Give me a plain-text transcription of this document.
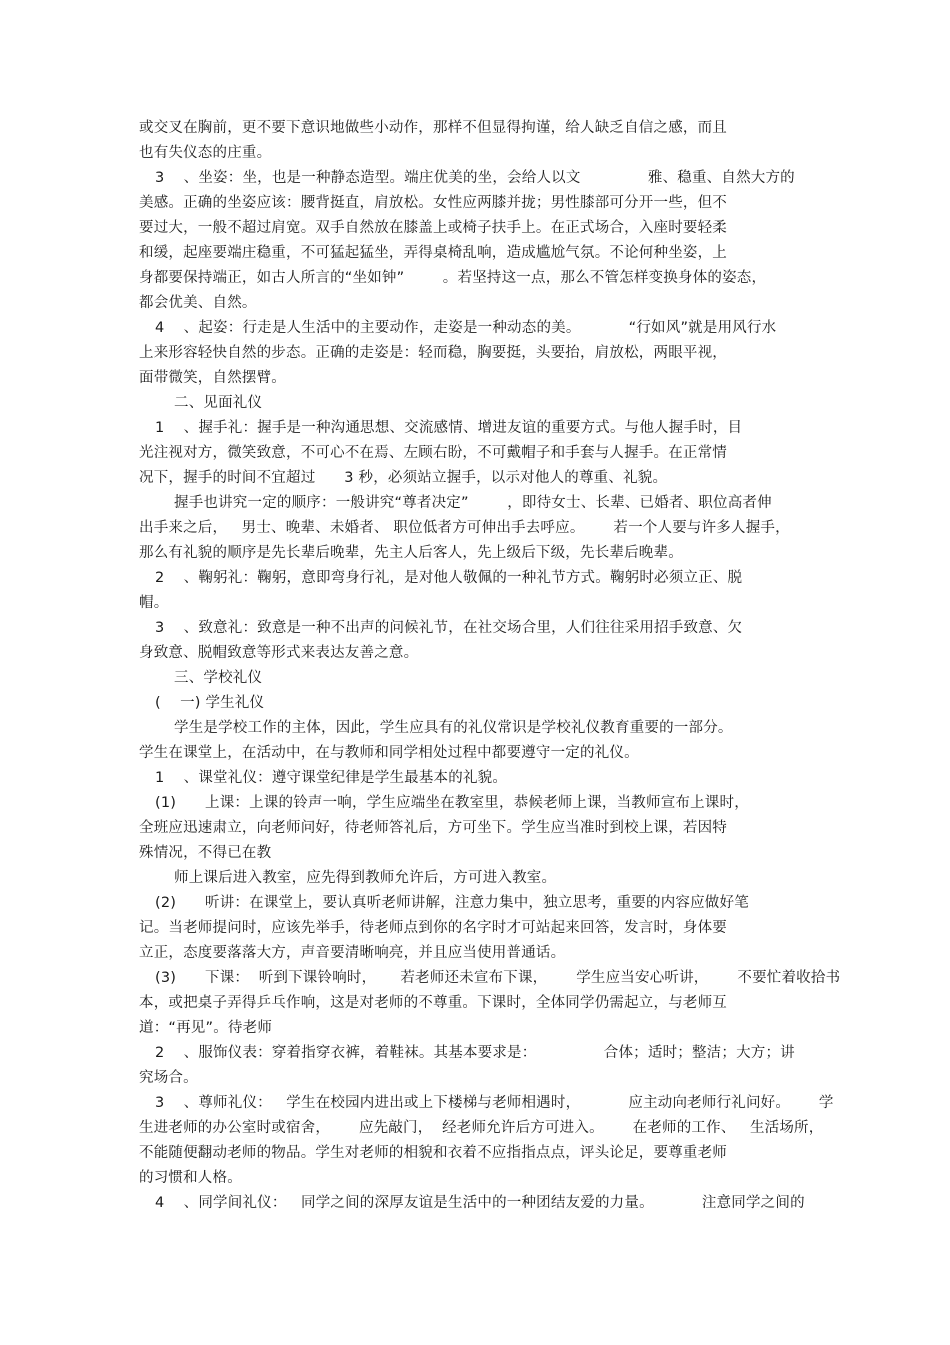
或交叉在胸前，更不要下意识地做些小动作，那样不但显得拘谨，给人缺乏自信之感，而且
也有失仪态的庄重。
3    、坐姿：坐，也是一种静态造型。端庄优美的坐，会给人以文              雅、稳重、自然大方的
美感。正确的坐姿应该：腰背挺直，肩放松。女性应两膝并拢；男性膝部可分开一些，但不
要过大，一般不超过肩宽。双手自然放在膝盖上或椅子扶手上。在正式场合，入座时要轻柔
和缓，起座要端庄稳重，不可猛起猛坐，弄得桌椅乱响，造成尴尬气氛。不论何种坐姿，上
身都要保持端正，如古人所言的“坐如钟”        。若坚持这一点，那么不管怎样变换身体的姿态，
都会优美、自然。
4    、起姿：行走是人生活中的主要动作，走姿是一种动态的美。          “行如风”就是用风行水
上来形容轻快自然的步态。正确的走姿是：轻而稳，胸要挺，头要抬，肩放松，两眼平视，
面带微笑，自然摆臂。
二、见面礼仪
1    、握手礼：握手是一种沟通思想、交流感情、增进友谊的重要方式。与他人握手时，目
光注视对方，微笑致意，不可心不在焉、左顾右盼，不可戴帽子和手套与人握手。在正常情
况下，握手的时间不宜超过      3 秒，必须站立握手，以示对他人的尊重、礼貌。
握手也讲究一定的顺序：一般讲究“尊者决定”        ，即待女士、长辈、已婚者、职位高者伸
出手来之后，   男士、晚辈、未婚者、 职位低者方可伸出手去呼应。      若一个人要与许多人握手，
那么有礼貌的顺序是先长辈后晚辈，先主人后客人，先上级后下级，先长辈后晚辈。
2    、鞠躬礼：鞠躬，意即弯身行礼，是对他人敬佩的一种礼节方式。鞠躬时必须立正、脱
帽。
3    、致意礼：致意是一种不出声的问候礼节，在社交场合里，人们往往采用招手致意、欠
身致意、脱帽致意等形式来表达友善之意。
三、学校礼仪
(    一) 学生礼仪
学生是学校工作的主体，因此，学生应具有的礼仪常识是学校礼仪教育重要的一部分。
学生在课堂上，在活动中，在与教师和同学相处过程中都要遵守一定的礼仪。
1    、课堂礼仪：遵守课堂纪律是学生最基本的礼貌。
(1)      上课：上课的铃声一响，学生应端坐在教室里，恭候老师上课，当教师宣布上课时，
全班应迅速肃立，向老师问好，待老师答礼后，方可坐下。学生应当准时到校上课，若因特
殊情况，不得已在教
师上课后进入教室，应先得到教师允许后，方可进入教室。
(2)      听讲：在课堂上，要认真听老师讲解，注意力集中，独立思考，重要的内容应做好笔
记。当老师提问时，应该先举手，待老师点到你的名字时才可站起来回答，发言时，身体要
立正，态度要落落大方，声音要清晰响亮，并且应当使用普通话。
(3)      下课：  听到下课铃响时，     若老师还未宣布下课，      学生应当安心听讲，      不要忙着收拾书
本，或把桌子弄得乒乓作响，这是对老师的不尊重。下课时，全体同学仍需起立，与老师互
道：“再见”。待老师
2    、服饰仪表：穿着指穿衣裤，着鞋袜。其基本要求是：              合体；适时；整洁；大方；讲
究场合。
3    、尊师礼仪：   学生在校园内进出或上下楼梯与老师相遇时，          应主动向老师行礼问好。      学
生进老师的办公室时或宿舍，      应先敲门，  经老师允许后方可进入。      在老师的工作、   生活场所，
不能随便翻动老师的物品。学生对老师的相貌和衣着不应指指点点，评头论足，要尊重老师
的习惯和人格。
4    、同学间礼仪：   同学之间的深厚友谊是生活中的一种团结友爱的力量。          注意同学之间的
